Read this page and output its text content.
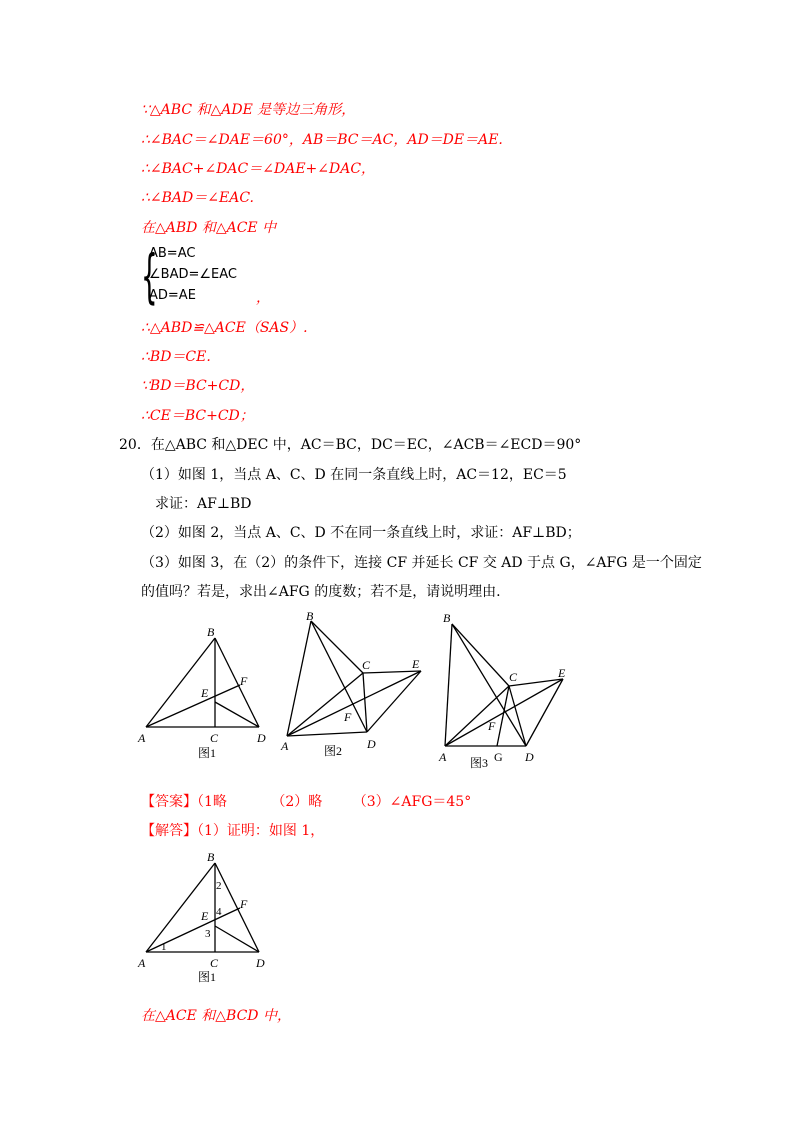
∵△ABC 和△ADE 是等边三角形，
∴∠BAC＝∠DAE＝60°，AB＝BC＝AC，AD＝DE＝AE.
∴∠BAC+∠DAC＝∠DAE+∠DAC，
∴∠BAD＝∠EAC.
在△ABD 和△ACE 中
{
AB=AC
∠BAD=∠EAC
AD=AE	，
∴△ABD≌△ACE（SAS）.
∴BD＝CE.
∵BD＝BC+CD，
∴CE＝BC+CD；
20．在△ABC 和△DEC 中，AC＝BC，DC＝EC，∠ACB＝∠ECD＝90°
（1）如图 1，当点 A、C、D 在同一条直线上时，AC＝12，EC＝5
求证：AF⊥BD
（2）如图 2，当点 A、C、D 不在同一条直线上时，求证：AF⊥BD；
（3）如图 3，在（2）的条件下，连接 CF 并延长 CF 交 AD 于点 G，∠AFG 是一个固定
的值吗？若是，求出∠AFG 的度数；若不是，请说明理由.
B
E
F
A	C	D
图1
B
C	E
F
A	D
图2
B
C	E
F
A	G D
图3
【答案】（1略	（2）略 （3）∠AFG＝45°
【解答】（1）证明：如图 1，
B
E
F
A	C	D
1
2
3
4
图1
在△ACE 和△BCD 中，
